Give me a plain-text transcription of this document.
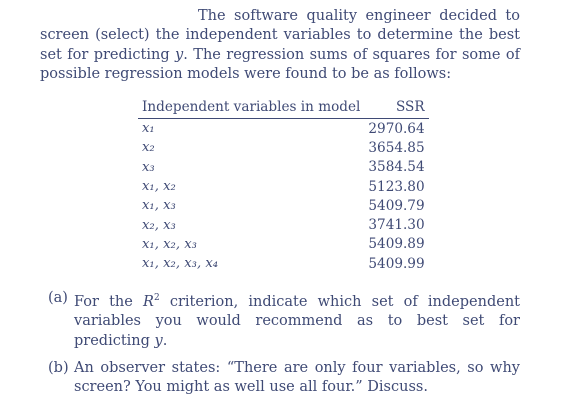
The software quality engineer decided to screen (select) the independent variables to determine the best set for predicting y. The regression sums of squares for some of possible regression models were found to be as follows:

Independent variables in model	SSR
x₁	2970.64
x₂	3654.85
x₃	3584.54
x₁, x₂	5123.80
x₁, x₃	5409.79
x₂, x₃	3741.30
x₁, x₂, x₃	5409.89
x₁, x₂, x₃, x₄	5409.99
(a) For the $R^2$ criterion, indicate which set of independent variables you would recommend as to best set for predicting y.
(b) An observer states: “There are only four variables, so why screen? You might as well use all four.” Discuss.
